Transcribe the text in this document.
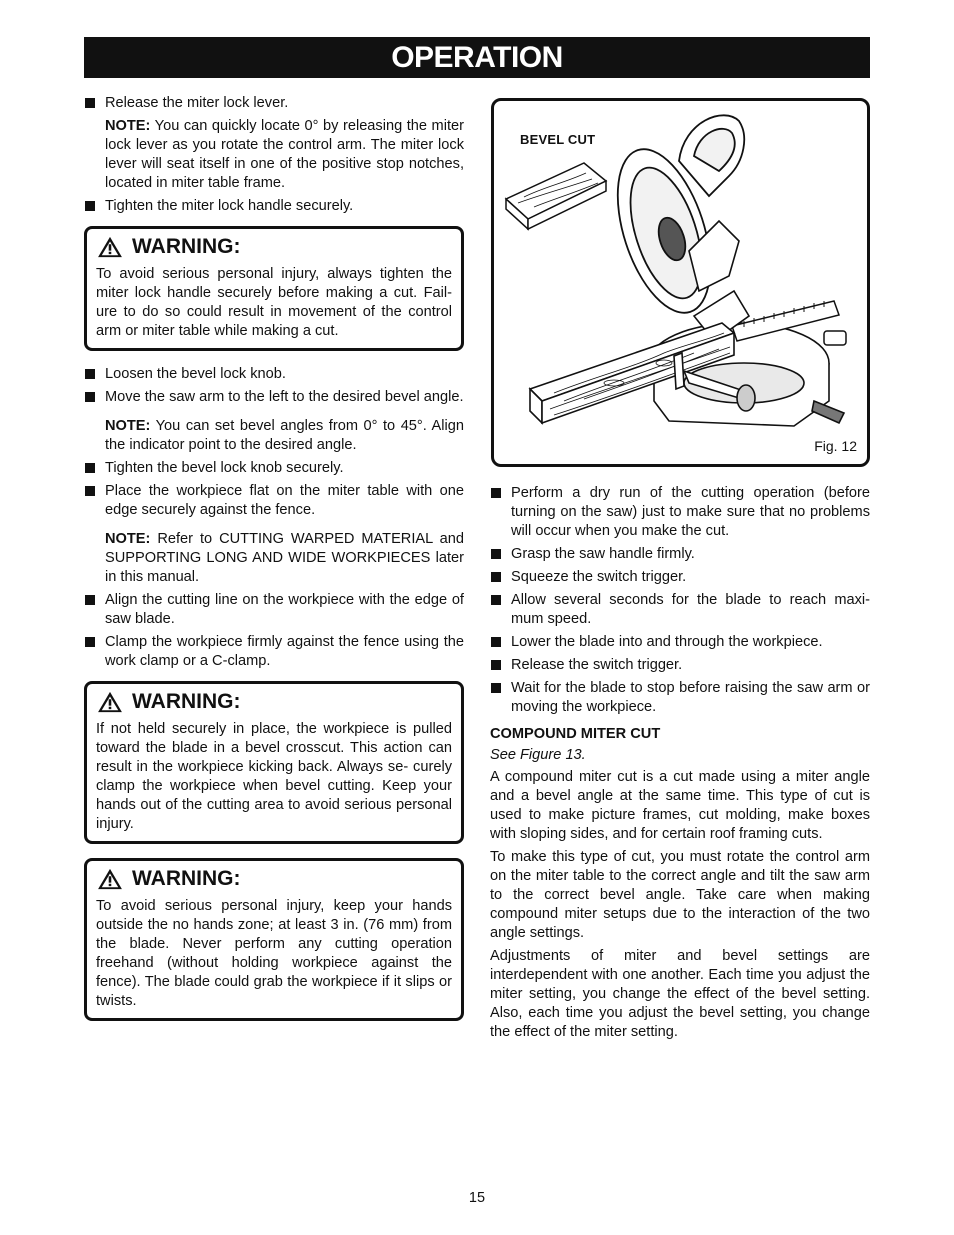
OPERATION

Release the miter lock lever.

NOTE: You can quickly locate 0° by releasing the miter lock lever as you rotate the control arm. The miter lock lever will seat itself in one of the positive stop notches, located in miter table frame.

Tighten the miter lock handle securely.

WARNING:

To avoid serious personal injury, always tighten the miter lock handle securely before making a cut. Fail- ure to do so could result in movement of the control arm or miter table while making a cut.

Loosen the bevel lock knob.

Move the saw arm to the left to the desired bevel angle.

NOTE: You can set bevel angles from 0° to 45°. Align the indicator point to the desired angle.

Tighten the bevel lock knob securely.

Place the workpiece flat on the miter table with one edge securely against the fence.

NOTE: Refer to CUTTING WARPED MATERIAL and SUPPORTING LONG AND WIDE WORKPIECES later in this manual.

Align the cutting line on the workpiece with the edge of saw blade.

Clamp the workpiece firmly against the fence using the work clamp or a C-clamp.

WARNING:

If not held securely in place, the workpiece is pulled toward the blade in a bevel crosscut. This action can result in the workpiece kicking back. Always se- curely clamp the workpiece when bevel cutting. Keep your hands out of the cutting area to avoid serious personal injury.

WARNING:

To avoid serious personal injury, keep your hands outside the no hands zone; at least 3 in. (76 mm) from the blade. Never perform any cutting operation freehand (without holding workpiece against the fence). The blade could grab the workpiece if it slips or twists.

BEVEL CUT
Fig. 12

Perform a dry run of the cutting operation (before turning on the saw) just to make sure that no problems will occur when you make the cut.

Grasp the saw handle firmly.

Squeeze the switch trigger.

Allow several seconds for the blade to reach maxi- mum speed.

Lower the blade into and through the workpiece.

Release the switch trigger.

Wait for the blade to stop before raising the saw arm or moving the workpiece.

COMPOUND MITER CUT

See Figure 13.

A compound miter cut is a cut made using a miter angle and a bevel angle at the same time. This type of cut is used to make picture frames, cut molding, make boxes with sloping sides, and for certain roof framing cuts.

To make this type of cut, you must rotate the control arm on the miter table to the correct angle and tilt the saw arm to the correct bevel angle. Take care when making compound miter setups due to the interaction of the two angle settings.

Adjustments of miter and bevel settings are interdependent with one another. Each time you adjust the miter setting, you change the effect of the bevel setting. Also, each time you adjust the bevel setting, you change the effect of the miter setting.

15
